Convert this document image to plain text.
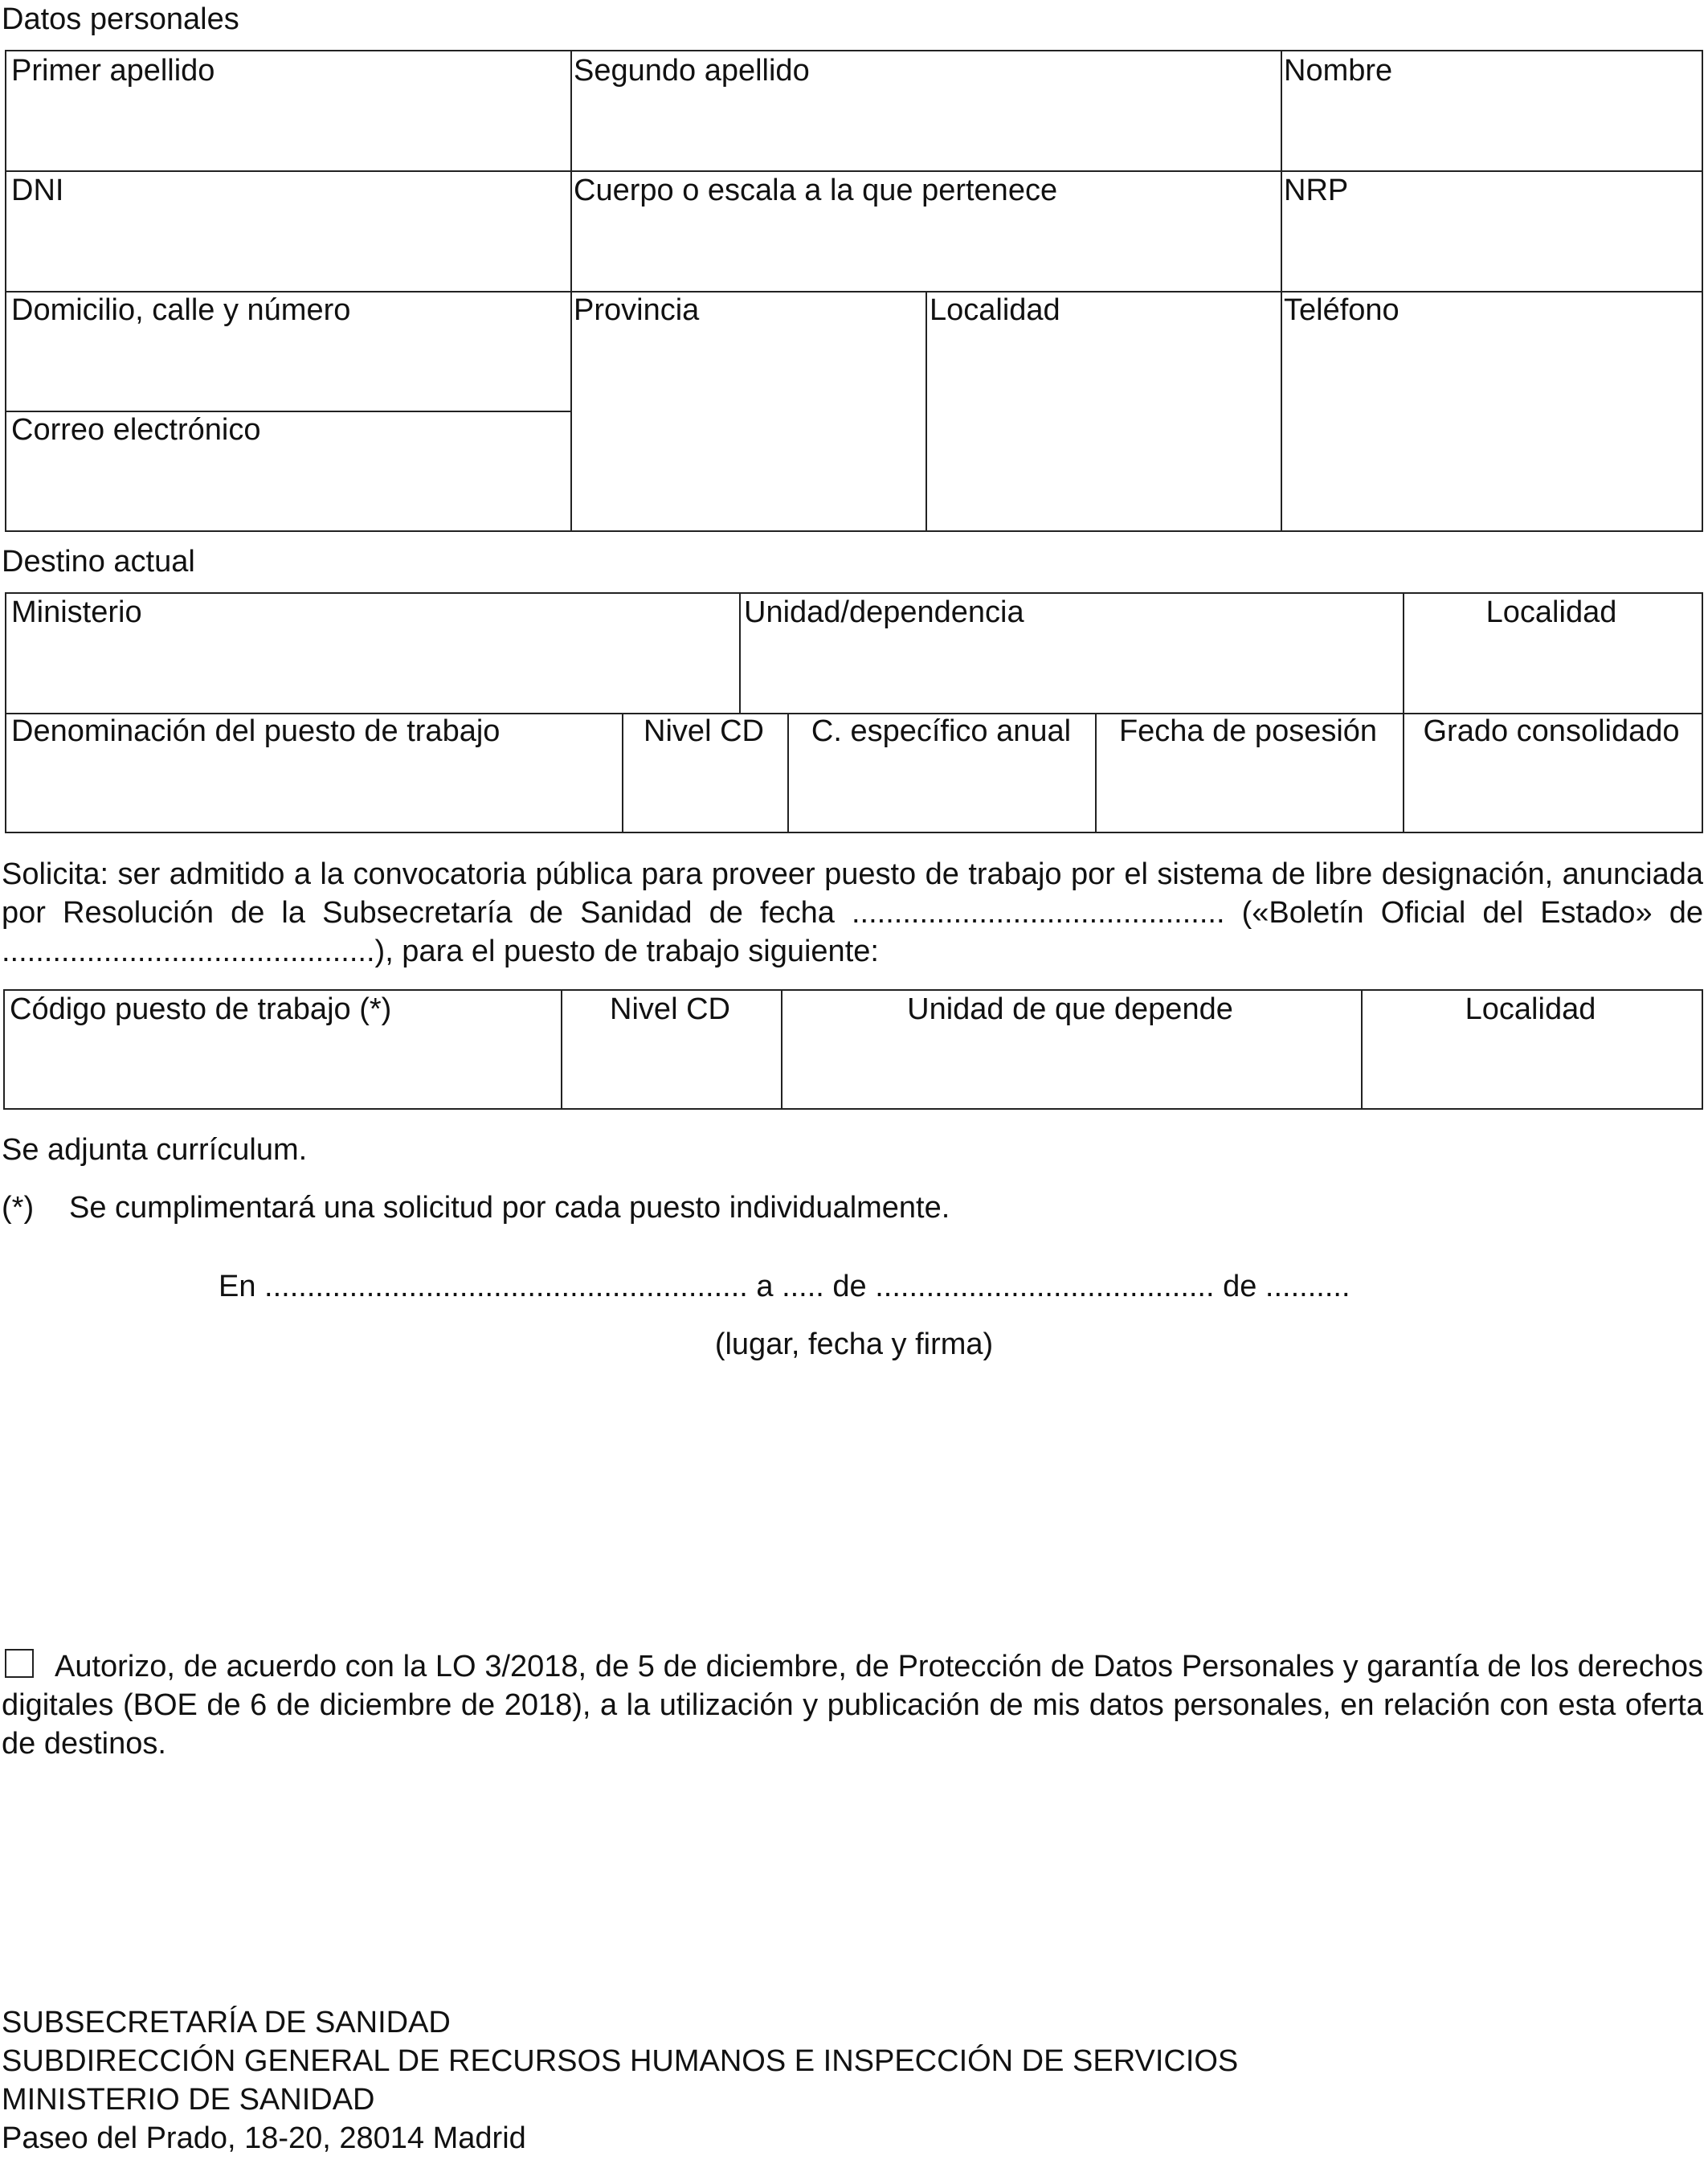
Datos personales
Primer apellido	Segundo apellido	Nombre
DNI	Cuerpo o escala a la que pertenece	NRP
Domicilio, calle y número	Provincia	Localidad	Teléfono
Correo electrónico
Destino actual
Ministerio	Unidad/dependencia	Localidad
Denominación del puesto de trabajo	Nivel CD	C. específico anual	Fecha de posesión	Grado consolidado
Solicita: ser admitido a la convocatoria pública para proveer puesto de trabajo por el sistema de libre designación, anunciada por Resolución de la Subsecretaría de Sanidad de fecha ............................................ («Boletín Oficial del Estado» de ............................................), para el puesto de trabajo siguiente:
Código puesto de trabajo (*)	Nivel CD	Unidad de que depende	Localidad
Se adjunta currículum.
(*) Se cumplimentará una solicitud por cada puesto individualmente.
En ......................................................... a ..... de ........................................ de ..........
(lugar, fecha y firma)
Autorizo, de acuerdo con la LO 3/2018, de 5 de diciembre, de Protección de Datos Personales y garantía de los derechos digitales (BOE de 6 de diciembre de 2018), a la utilización y publicación de mis datos personales, en relación con esta oferta de destinos.
SUBSECRETARÍA DE SANIDAD
SUBDIRECCIÓN GENERAL DE RECURSOS HUMANOS E INSPECCIÓN DE SERVICIOS
MINISTERIO DE SANIDAD
Paseo del Prado, 18-20, 28014 Madrid
